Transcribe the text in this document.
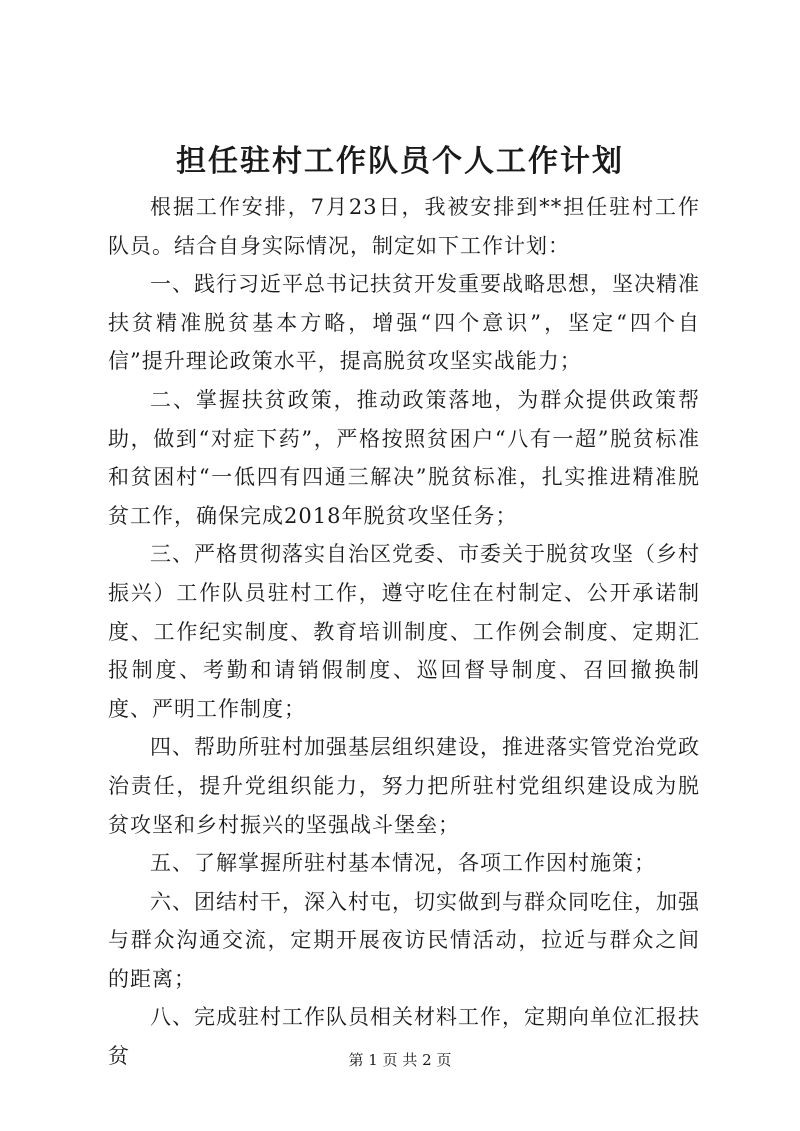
担任驻村工作队员个人工作计划

根据工作安排，7月23日，我被安排到**担任驻村工作队员。结合自身实际情况，制定如下工作计划：

一、践行习近平总书记扶贫开发重要战略思想，坚决精准扶贫精准脱贫基本方略，增强“四个意识”，坚定“四个自信”提升理论政策水平，提高脱贫攻坚实战能力；

二、掌握扶贫政策，推动政策落地，为群众提供政策帮助，做到“对症下药”，严格按照贫困户“八有一超”脱贫标准和贫困村“一低四有四通三解决”脱贫标准，扎实推进精准脱贫工作，确保完成2018年脱贫攻坚任务；

三、严格贯彻落实自治区党委、市委关于脱贫攻坚（乡村振兴）工作队员驻村工作，遵守吃住在村制定、公开承诺制度、工作纪实制度、教育培训制度、工作例会制度、定期汇报制度、考勤和请销假制度、巡回督导制度、召回撤换制度、严明工作制度；

四、帮助所驻村加强基层组织建设，推进落实管党治党政治责任，提升党组织能力，努力把所驻村党组织建设成为脱贫攻坚和乡村振兴的坚强战斗堡垒；

五、了解掌握所驻村基本情况，各项工作因村施策；

六、团结村干，深入村屯，切实做到与群众同吃住，加强与群众沟通交流，定期开展夜访民情活动，拉近与群众之间的距离；

八、完成驻村工作队员相关材料工作，定期向单位汇报扶贫	第 1 页 共 2 页
